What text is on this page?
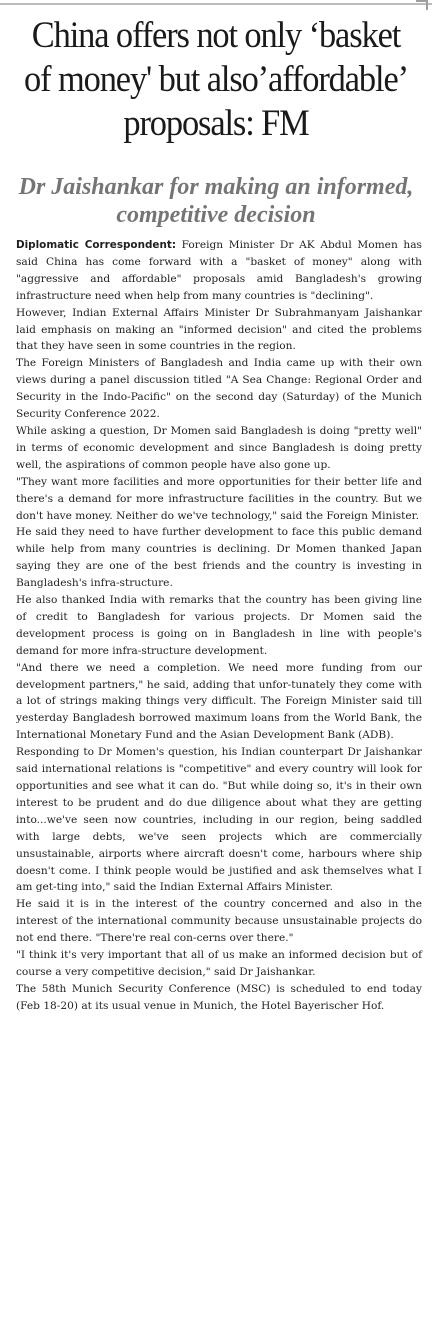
China offers not only ‘basket of money' but also’affordable’ proposals: FM
Dr Jaishankar for making an informed, competitive decision

Diplomatic Correspondent: Foreign Minister Dr AK Abdul Momen has said China has come forward with a "basket of money" along with "aggressive and affordable" proposals amid Bangladesh's growing infrastructure need when help from many countries is "declining".

However, Indian External Affairs Minister Dr Subrahmanyam Jaishankar laid emphasis on making an "informed decision" and cited the problems that they have seen in some countries in the region.

The Foreign Ministers of Bangladesh and India came up with their own views during a panel discussion titled "A Sea Change: Regional Order and Security in the Indo-Pacific" on the second day (Saturday) of the Munich Security Conference 2022.

While asking a question, Dr Momen said Bangladesh is doing "pretty well" in terms of economic development and since Bangladesh is doing pretty well, the aspirations of common people have also gone up.

"They want more facilities and more opportunities for their better life and there's a demand for more infrastructure facilities in the country. But we don't have money. Neither do we've technology," said the Foreign Minister.

He said they need to have further development to face this public demand while help from many countries is declining. Dr Momen thanked Japan saying they are one of the best friends and the country is investing in Bangladesh's infra-structure.

He also thanked India with remarks that the country has been giving line of credit to Bangladesh for various projects. Dr Momen said the development process is going on in Bangladesh in line with people's demand for more infra-structure development.

"And there we need a completion. We need more funding from our development partners," he said, adding that unfor-tunately they come with a lot of strings making things very difficult. The Foreign Minister said till yesterday Bangladesh borrowed maximum loans from the World Bank, the International Monetary Fund and the Asian Development Bank (ADB).

Responding to Dr Momen's question, his Indian counterpart Dr Jaishankar said international relations is "competitive" and every country will look for opportunities and see what it can do. "But while doing so, it's in their own interest to be prudent and do due diligence about what they are getting into...we've seen now countries, including in our region, being saddled with large debts, we've seen projects which are commercially unsustainable, airports where aircraft doesn't come, harbours where ship doesn't come. I think people would be justified and ask themselves what I am get-ting into," said the Indian External Affairs Minister.

He said it is in the interest of the country concerned and also in the interest of the international community because unsustainable projects do not end there. "There're real con-cerns over there."

"I think it's very important that all of us make an informed decision but of course a very competitive decision," said Dr Jaishankar.

The 58th Munich Security Conference (MSC) is scheduled to end today (Feb 18-20) at its usual venue in Munich, the Hotel Bayerischer Hof.
